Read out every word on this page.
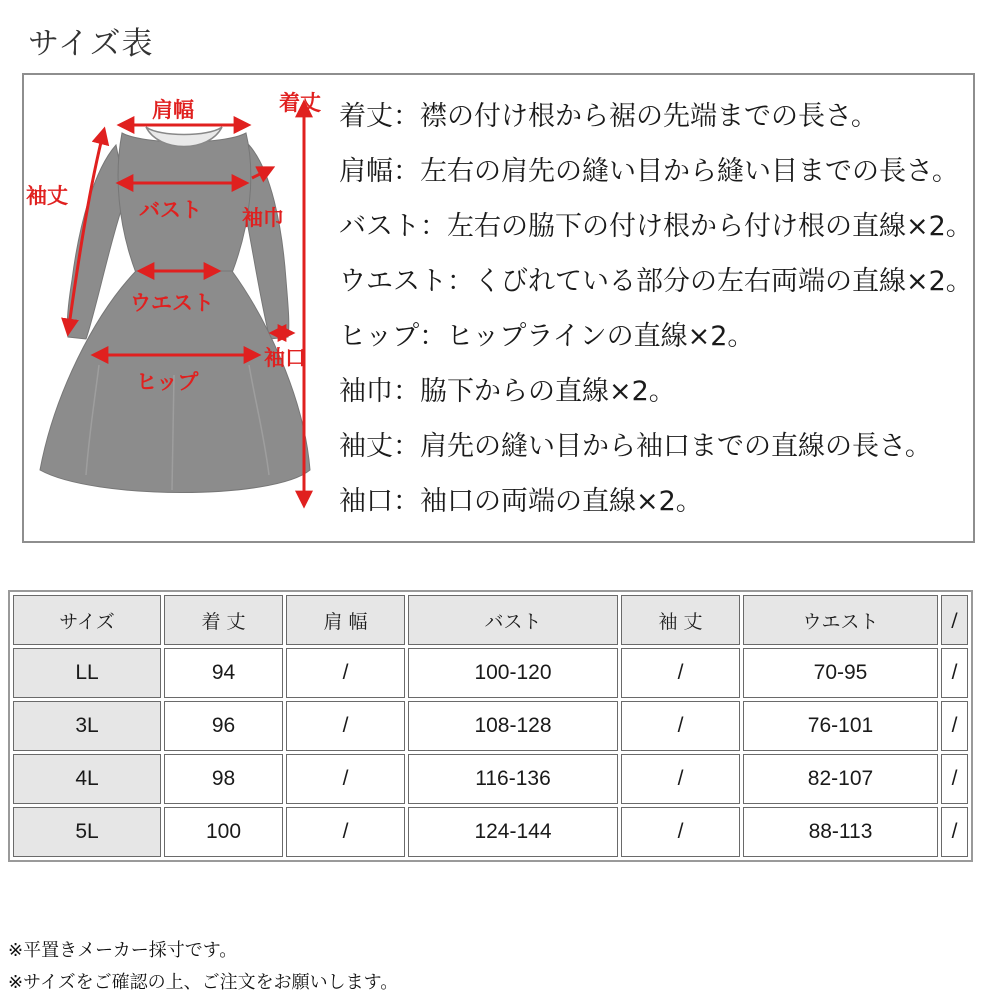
サイズ表
肩幅	着丈
袖丈
バスト 袖巾
ウエスト
袖口
ヒップ
着丈：襟の付け根から裾の先端までの長さ。
肩幅：左右の肩先の縫い目から縫い目までの長さ。
バスト：左右の脇下の付け根から付け根の直線×2。
ウエスト：くびれている部分の左右両端の直線×2。
ヒップ：ヒップラインの直線×2。
袖巾：脇下からの直線×2。
袖丈：肩先の縫い目から袖口までの直線の長さ。
袖口：袖口の両端の直線×2。
サイズ	着 丈	肩 幅	バスト	袖 丈	ウエスト	/
LL	94	/	100-120	/	70-95	/
3L	96	/	108-128	/	76-101	/
4L	98	/	116-136	/	82-107	/
5L	100	/	124-144	/	88-113	/
※平置きメーカー採寸です。
※サイズをご確認の上、ご注文をお願いします。
